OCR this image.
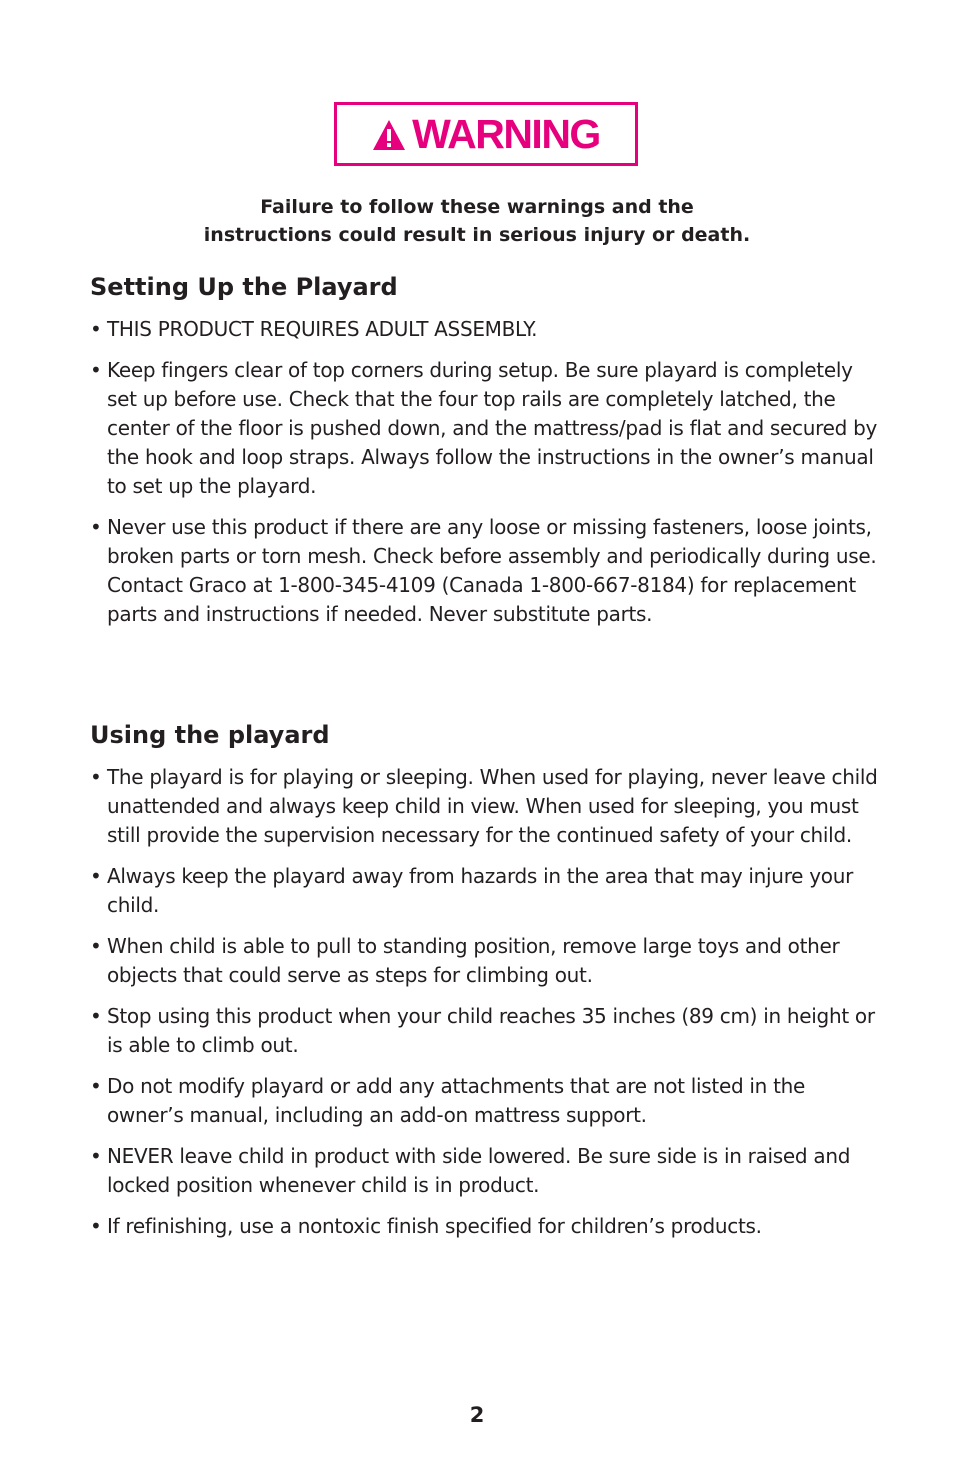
WARNING
Failure to follow these warnings and the
instructions could result in serious injury or death.
Setting Up the Playard
• THIS PRODUCT REQUIRES ADULT ASSEMBLY.
• Keep fingers clear of top corners during setup. Be sure playard is completely set up before use. Check that the four top rails are completely latched, the center of the floor is pushed down, and the mattress/pad is flat and secured by the hook and loop straps. Always follow the instructions in the owner’s manual to set up the playard.
• Never use this product if there are any loose or missing fasteners, loose joints, broken parts or torn mesh. Check before assembly and periodically during use. Contact Graco at 1-800-345-4109 (Canada 1-800-667-8184) for replacement parts and instructions if needed. Never substitute parts.
Using the playard
• The playard is for playing or sleeping. When used for playing, never leave child unattended and always keep child in view. When used for sleeping, you must still provide the supervision necessary for the continued safety of your child.
• Always keep the playard away from hazards in the area that may injure your child.
• When child is able to pull to standing position, remove large toys and other objects that could serve as steps for climbing out.
• Stop using this product when your child reaches 35 inches (89 cm) in height or is able to climb out.
• Do not modify playard or add any attachments that are not listed in the owner’s manual, including an add-on mattress support.
• NEVER leave child in product with side lowered. Be sure side is in raised and locked position whenever child is in product.
• If refinishing, use a nontoxic finish specified for children’s products.
2
